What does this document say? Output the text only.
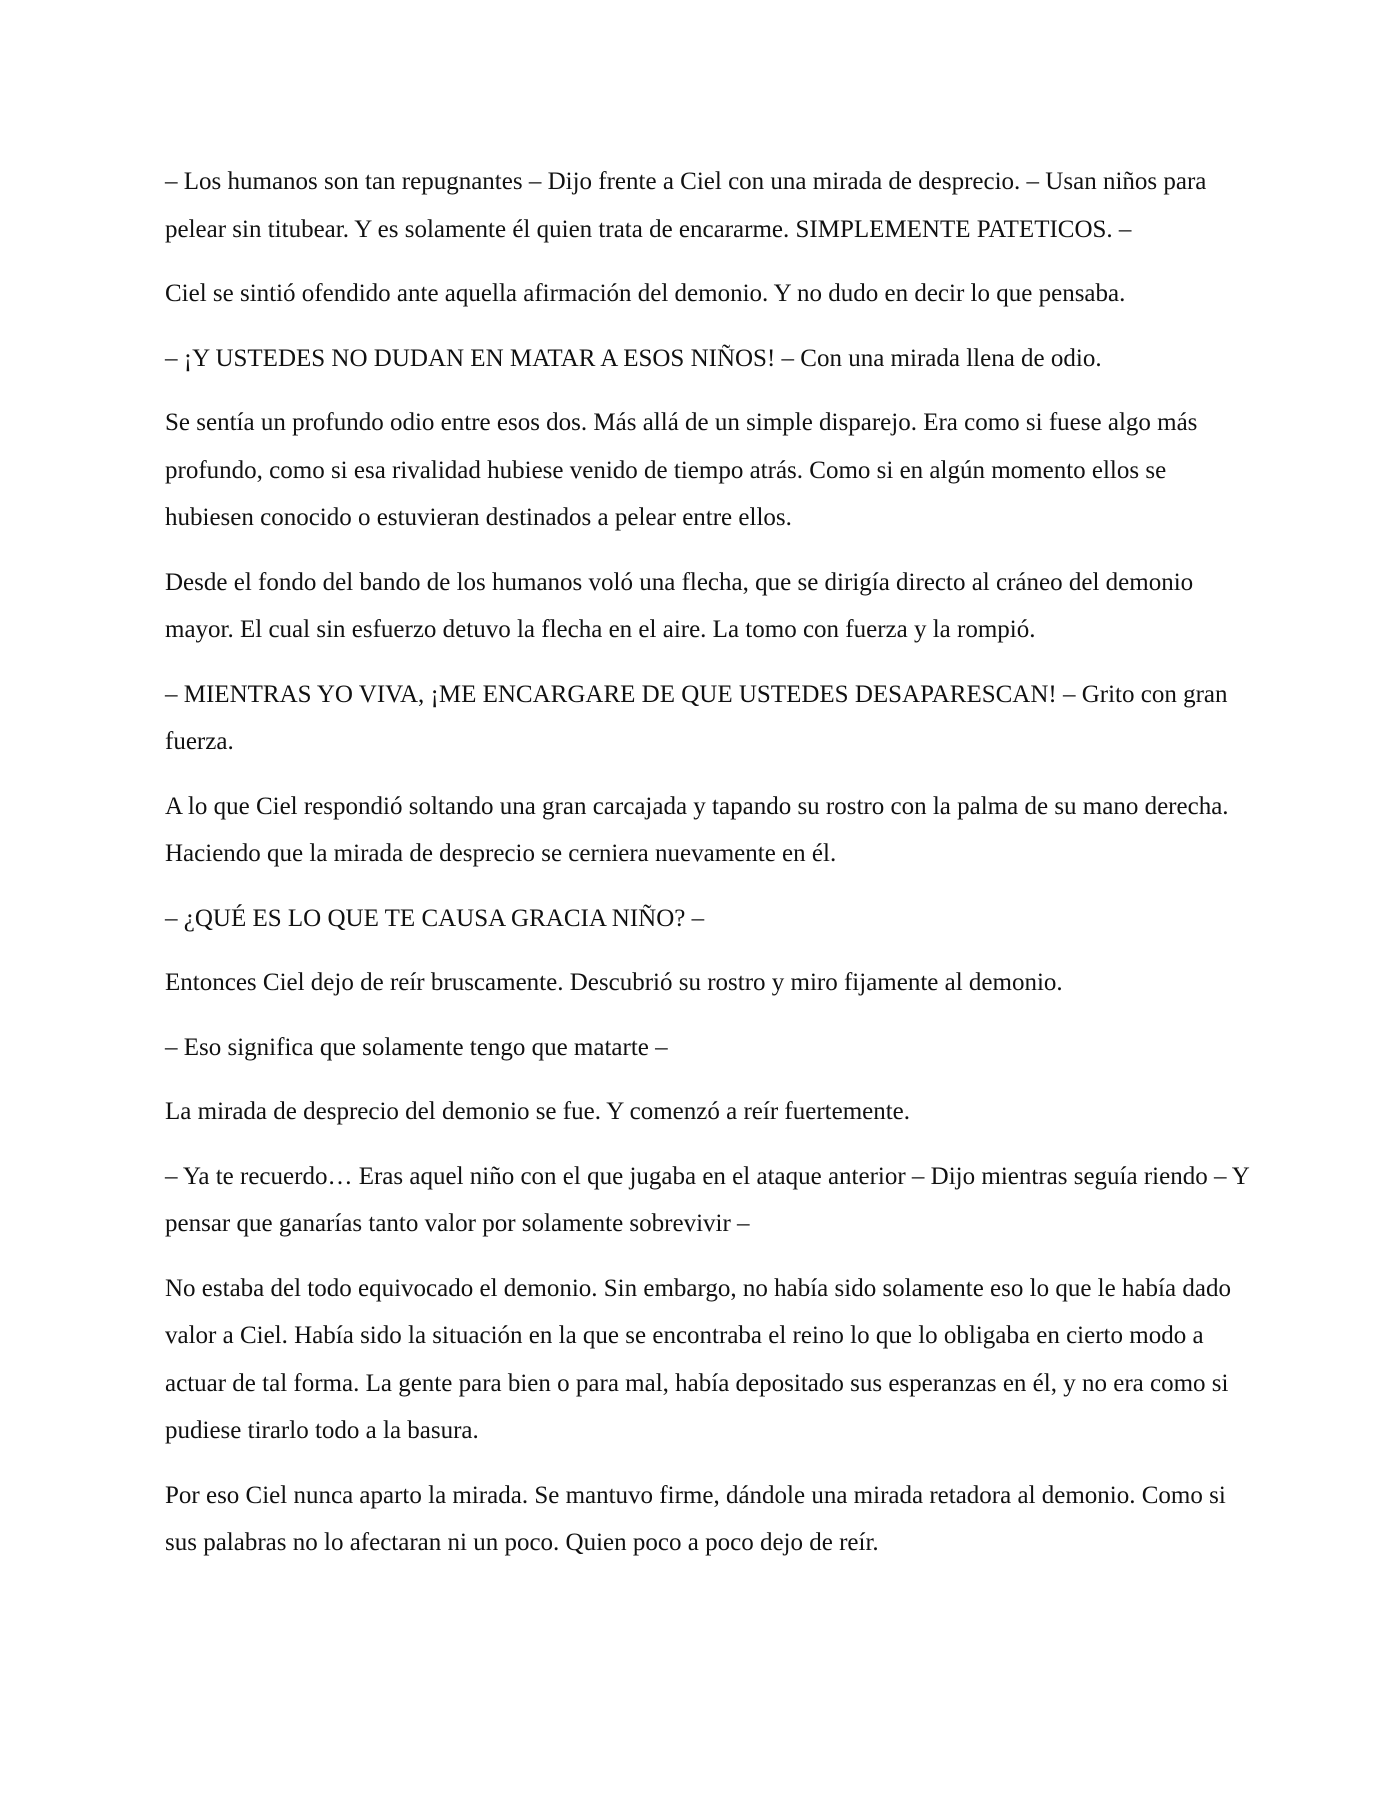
– Los humanos son tan repugnantes – Dijo frente a Ciel con una mirada de desprecio. – Usan niños para pelear sin titubear. Y es solamente él quien trata de encararme. SIMPLEMENTE PATETICOS. –

Ciel se sintió ofendido ante aquella afirmación del demonio. Y no dudo en decir lo que pensaba.

– ¡Y USTEDES NO DUDAN EN MATAR A ESOS NIÑOS! – Con una mirada llena de odio.

Se sentía un profundo odio entre esos dos. Más allá de un simple disparejo. Era como si fuese algo más profundo, como si esa rivalidad hubiese venido de tiempo atrás. Como si en algún momento ellos se hubiesen conocido o estuvieran destinados a pelear entre ellos.

Desde el fondo del bando de los humanos voló una flecha, que se dirigía directo al cráneo del demonio mayor. El cual sin esfuerzo detuvo la flecha en el aire. La tomo con fuerza y la rompió.

– MIENTRAS YO VIVA, ¡ME ENCARGARE DE QUE USTEDES DESAPARESCAN! – Grito con gran fuerza.

A lo que Ciel respondió soltando una gran carcajada y tapando su rostro con la palma de su mano derecha. Haciendo que la mirada de desprecio se cerniera nuevamente en él.

– ¿QUÉ ES LO QUE TE CAUSA GRACIA NIÑO? –

Entonces Ciel dejo de reír bruscamente. Descubrió su rostro y miro fijamente al demonio.

– Eso significa que solamente tengo que matarte –

La mirada de desprecio del demonio se fue. Y comenzó a reír fuertemente.

– Ya te recuerdo… Eras aquel niño con el que jugaba en el ataque anterior – Dijo mientras seguía riendo – Y pensar que ganarías tanto valor por solamente sobrevivir –

No estaba del todo equivocado el demonio. Sin embargo, no había sido solamente eso lo que le había dado valor a Ciel. Había sido la situación en la que se encontraba el reino lo que lo obligaba en cierto modo a actuar de tal forma. La gente para bien o para mal, había depositado sus esperanzas en él, y no era como si pudiese tirarlo todo a la basura.

Por eso Ciel nunca aparto la mirada. Se mantuvo firme, dándole una mirada retadora al demonio. Como si sus palabras no lo afectaran ni un poco. Quien poco a poco dejo de reír.
